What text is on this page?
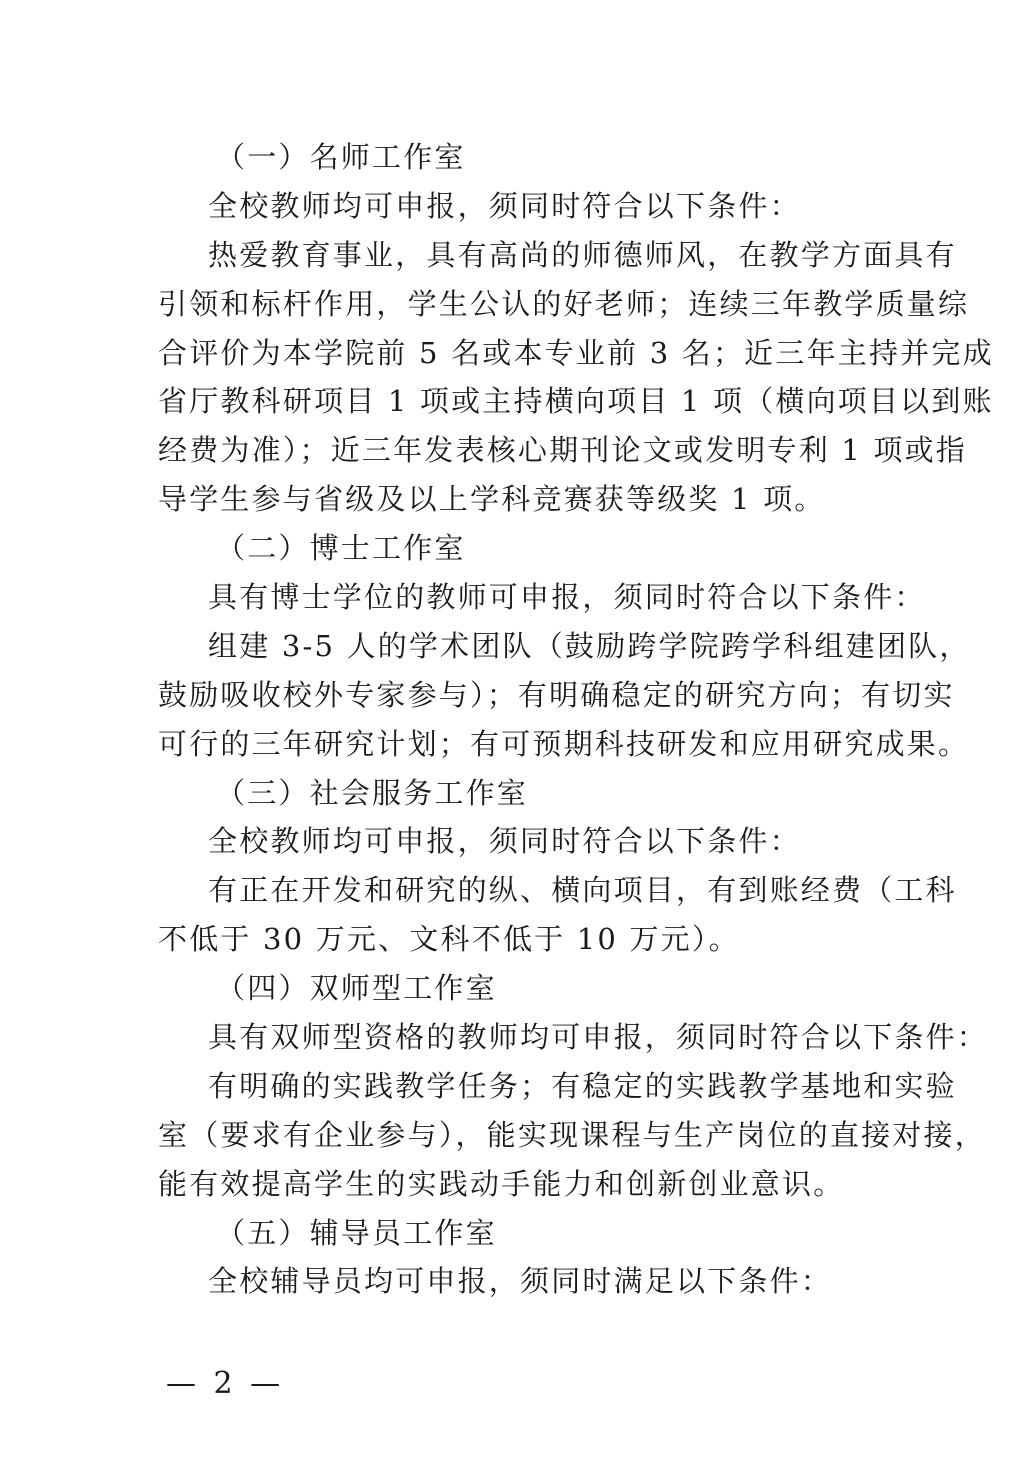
（一）名师工作室
全校教师均可申报，须同时符合以下条件：
热爱教育事业，具有高尚的师德师风，在教学方面具有
引领和标杆作用，学生公认的好老师；连续三年教学质量综
合评价为本学院前 5 名或本专业前 3 名；近三年主持并完成
省厅教科研项目 1 项或主持横向项目 1 项（横向项目以到账
经费为准）；近三年发表核心期刊论文或发明专利 1 项或指
导学生参与省级及以上学科竞赛获等级奖 1 项。
（二）博士工作室
具有博士学位的教师可申报，须同时符合以下条件：
组建 3-5 人的学术团队（鼓励跨学院跨学科组建团队，
鼓励吸收校外专家参与）；有明确稳定的研究方向；有切实
可行的三年研究计划；有可预期科技研发和应用研究成果。
（三）社会服务工作室
全校教师均可申报，须同时符合以下条件：
有正在开发和研究的纵、横向项目，有到账经费（工科
不低于 30 万元、文科不低于 10 万元）。
（四）双师型工作室
具有双师型资格的教师均可申报，须同时符合以下条件：
有明确的实践教学任务；有稳定的实践教学基地和实验
室（要求有企业参与），能实现课程与生产岗位的直接对接，
能有效提高学生的实践动手能力和创新创业意识。
（五）辅导员工作室
全校辅导员均可申报，须同时满足以下条件：
— 2 —
